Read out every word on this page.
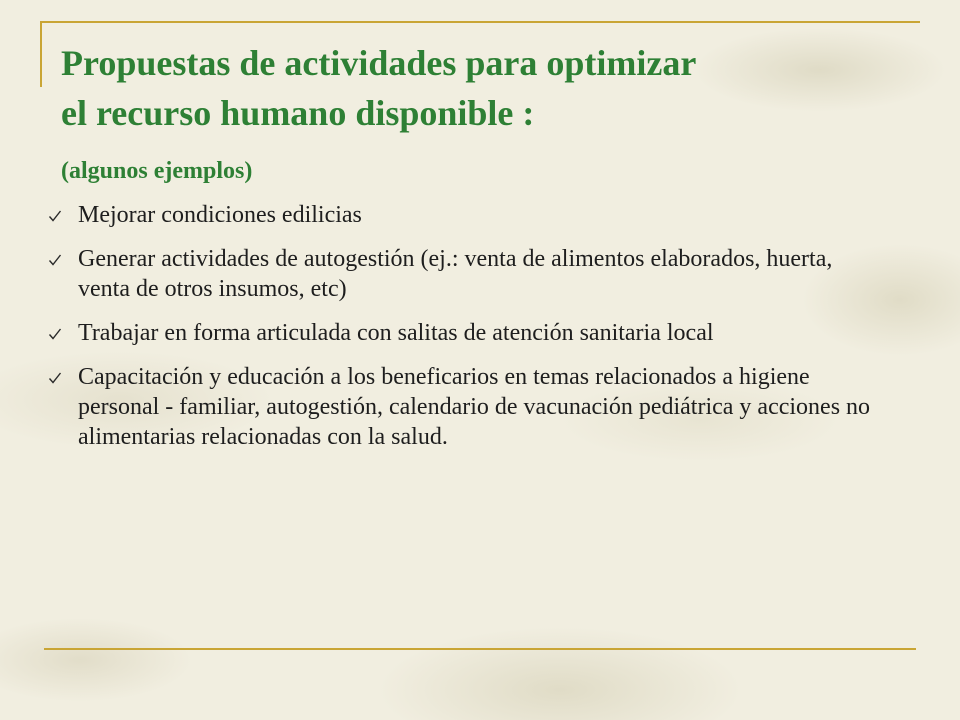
Propuestas de actividades para optimizar
el recurso humano disponible :

(algunos ejemplos)

Mejorar condiciones edilicias
Generar actividades de autogestión (ej.: venta de alimentos elaborados, huerta, venta de otros insumos, etc)
Trabajar en forma articulada con salitas de atención sanitaria local
Capacitación y educación a los beneficarios en temas relacionados a higiene personal - familiar, autogestión, calendario de vacunación pediátrica y acciones no alimentarias relacionadas con la salud.
